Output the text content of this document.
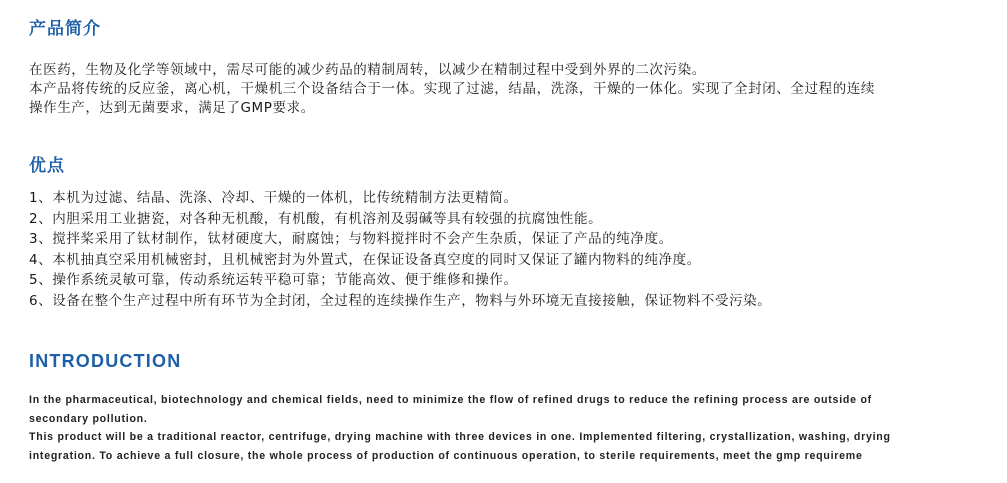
产品简介

在医药，生物及化学等领域中，需尽可能的减少药品的精制周转，以减少在精制过程中受到外界的二次污染。

本产品将传统的反应釜，离心机，干燥机三个设备结合于一体。实现了过滤，结晶，洗涤，干燥的一体化。实现了全封闭、全过程的连续

操作生产，达到无菌要求，满足了GMP要求。

优点
1、本机为过滤、结晶、洗涤、冷却、干燥的一体机，比传统精制方法更精简。
2、内胆采用工业搪瓷，对各种无机酸，有机酸，有机溶剂及弱碱等具有较强的抗腐蚀性能。
3、搅拌桨采用了钛材制作，钛材硬度大，耐腐蚀；与物料搅拌时不会产生杂质，保证了产品的纯净度。
4、本机抽真空采用机械密封，且机械密封为外置式，在保证设备真空度的同时又保证了罐内物料的纯净度。
5、操作系统灵敏可靠，传动系统运转平稳可靠；节能高效、便于维修和操作。
6、设备在整个生产过程中所有环节为全封闭，全过程的连续操作生产，物料与外环境无直接接触，保证物料不受污染。
INTRODUCTION

In the pharmaceutical, biotechnology and chemical fields, need to minimize the flow of refined drugs to reduce the refining process are outside of

secondary pollution.

This product will be a traditional reactor, centrifuge, drying machine with three devices in one. Implemented filtering, crystallization, washing, drying

integration. To achieve a full closure, the whole process of production of continuous operation, to sterile requirements, meet the gmp requireme
